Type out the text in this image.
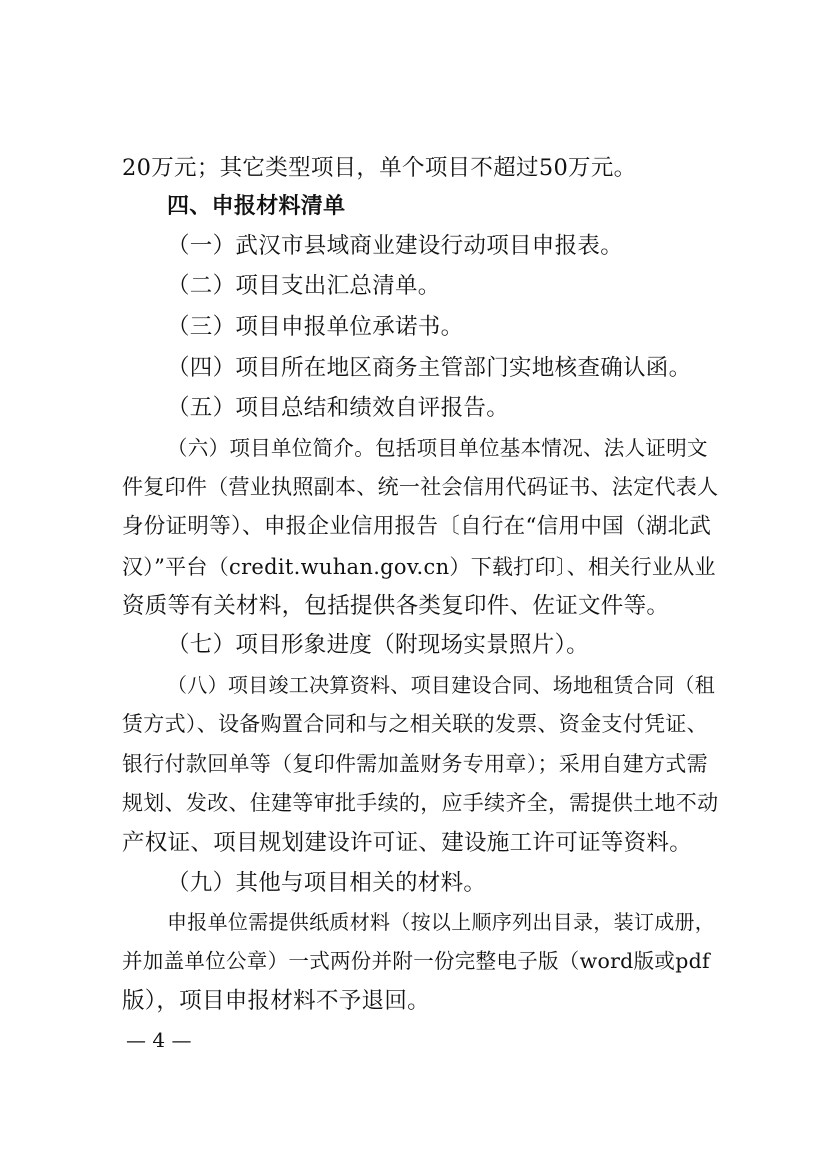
20万元；其它类型项目，单个项目不超过50万元。
四、申报材料清单
（一）武汉市县域商业建设行动项目申报表。
（二）项目支出汇总清单。
（三）项目申报单位承诺书。
（四）项目所在地区商务主管部门实地核查确认函。
（五）项目总结和绩效自评报告。
（六）项目单位简介。包括项目单位基本情况、法人证明文
件复印件（营业执照副本、统一社会信用代码证书、法定代表人
身份证明等）、申报企业信用报告〔自行在“信用中国（湖北武
汉）”平台（credit.wuhan.gov.cn）下载打印〕、相关行业从业
资质等有关材料，包括提供各类复印件、佐证文件等。
（七）项目形象进度（附现场实景照片）。
（八）项目竣工决算资料、项目建设合同、场地租赁合同（租
赁方式）、设备购置合同和与之相关联的发票、资金支付凭证、
银行付款回单等（复印件需加盖财务专用章）；采用自建方式需
规划、发改、住建等审批手续的，应手续齐全，需提供土地不动
产权证、项目规划建设许可证、建设施工许可证等资料。
（九）其他与项目相关的材料。
申报单位需提供纸质材料（按以上顺序列出目录，装订成册，
并加盖单位公章）一式两份并附一份完整电子版（word版或pdf
版），项目申报材料不予退回。
— 4 —
